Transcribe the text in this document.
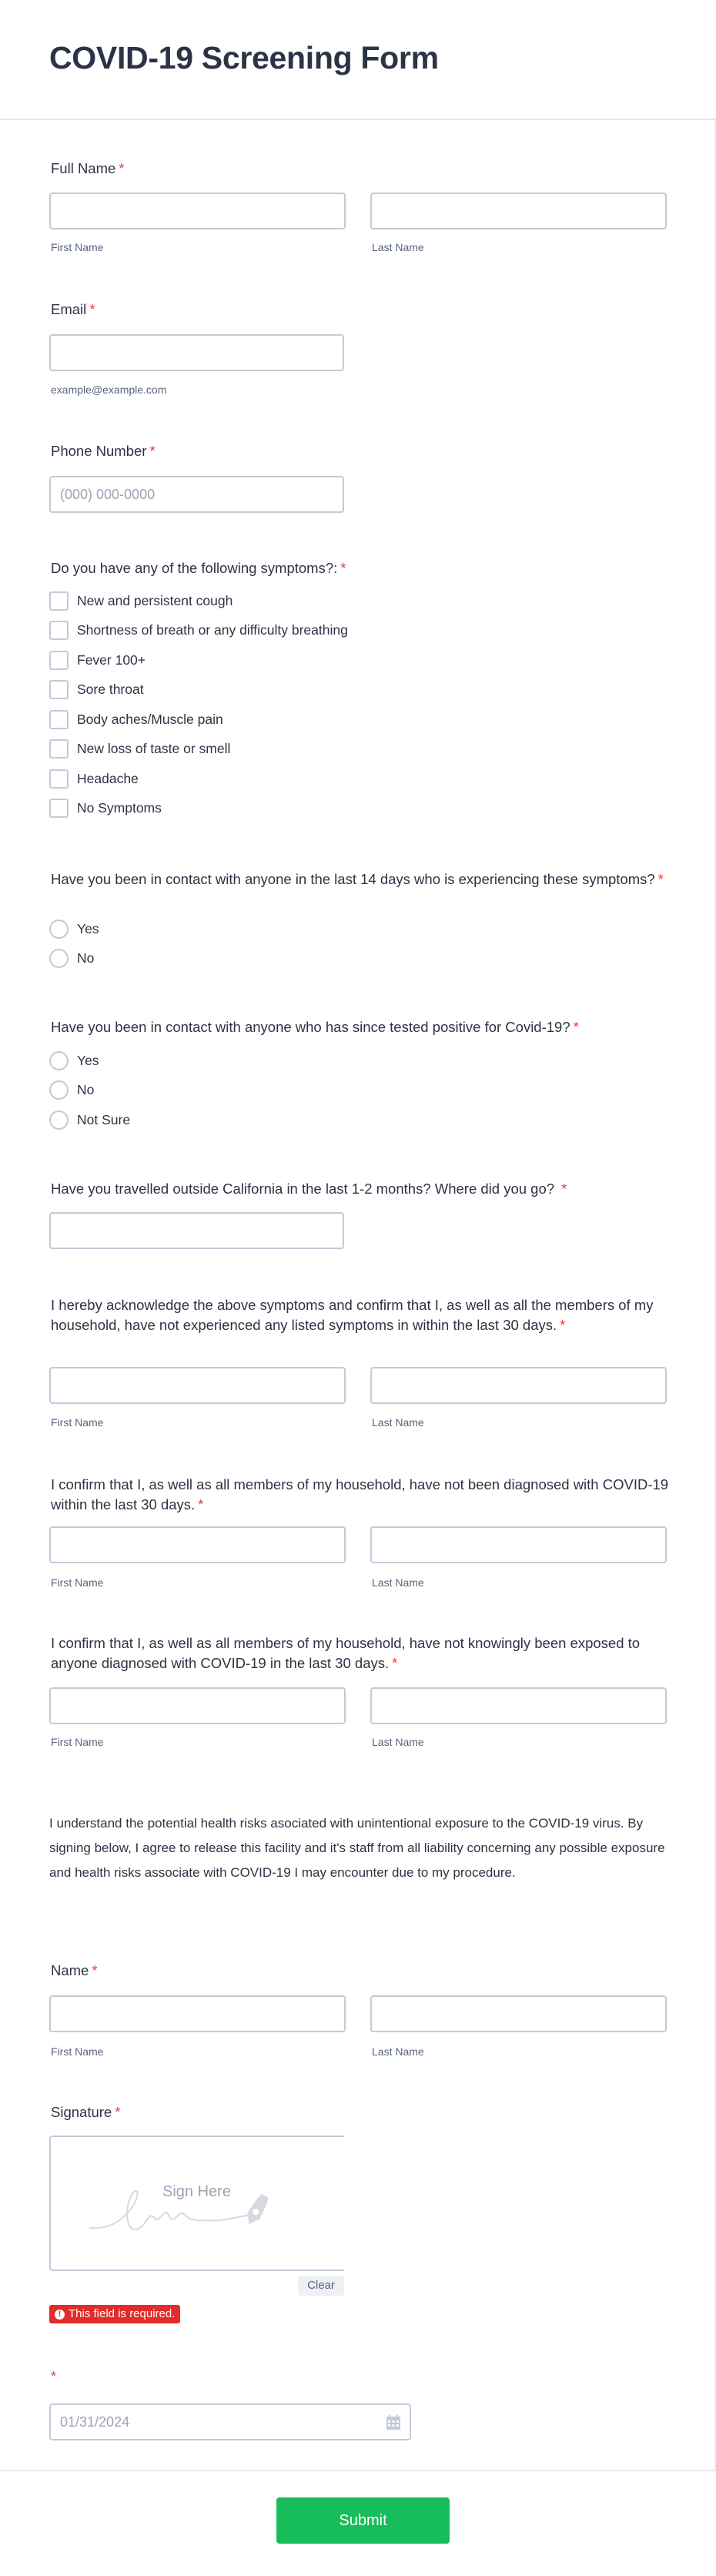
COVID-19 Screening Form
Full Name *
First Name	Last Name
Email *
example@example.com
Phone Number *
(000) 000-0000
Do you have any of the following symptoms?: *
New and persistent cough
Shortness of breath or any difficulty breathing
Fever 100+
Sore throat
Body aches/Muscle pain
New loss of taste or smell
Headache
No Symptoms
Have you been in contact with anyone in the last 14 days who is experiencing these symptoms? *
Yes
No
Have you been in contact with anyone who has since tested positive for Covid-19? *
Yes
No
Not Sure
Have you travelled outside California in the last 1-2 months? Where did you go? *
I hereby acknowledge the above symptoms and confirm that I, as well as all the members of my household, have not experienced any listed symptoms in within the last 30 days. *
First Name	Last Name
I confirm that I, as well as all members of my household, have not been diagnosed with COVID-19 within the last 30 days. *
First Name	Last Name
I confirm that I, as well as all members of my household, have not knowingly been exposed to anyone diagnosed with COVID-19 in the last 30 days. *
First Name	Last Name

I understand the potential health risks asociated with unintentional exposure to the COVID-19 virus. By signing below, I agree to release this facility and it's staff from all liability concerning any possible exposure and health risks associate with COVID-19 I may encounter due to my procedure.

Name *
First Name	Last Name
Signature *
Sign Here
Clear
! This field is required.
*
01/31/2024
Submit
